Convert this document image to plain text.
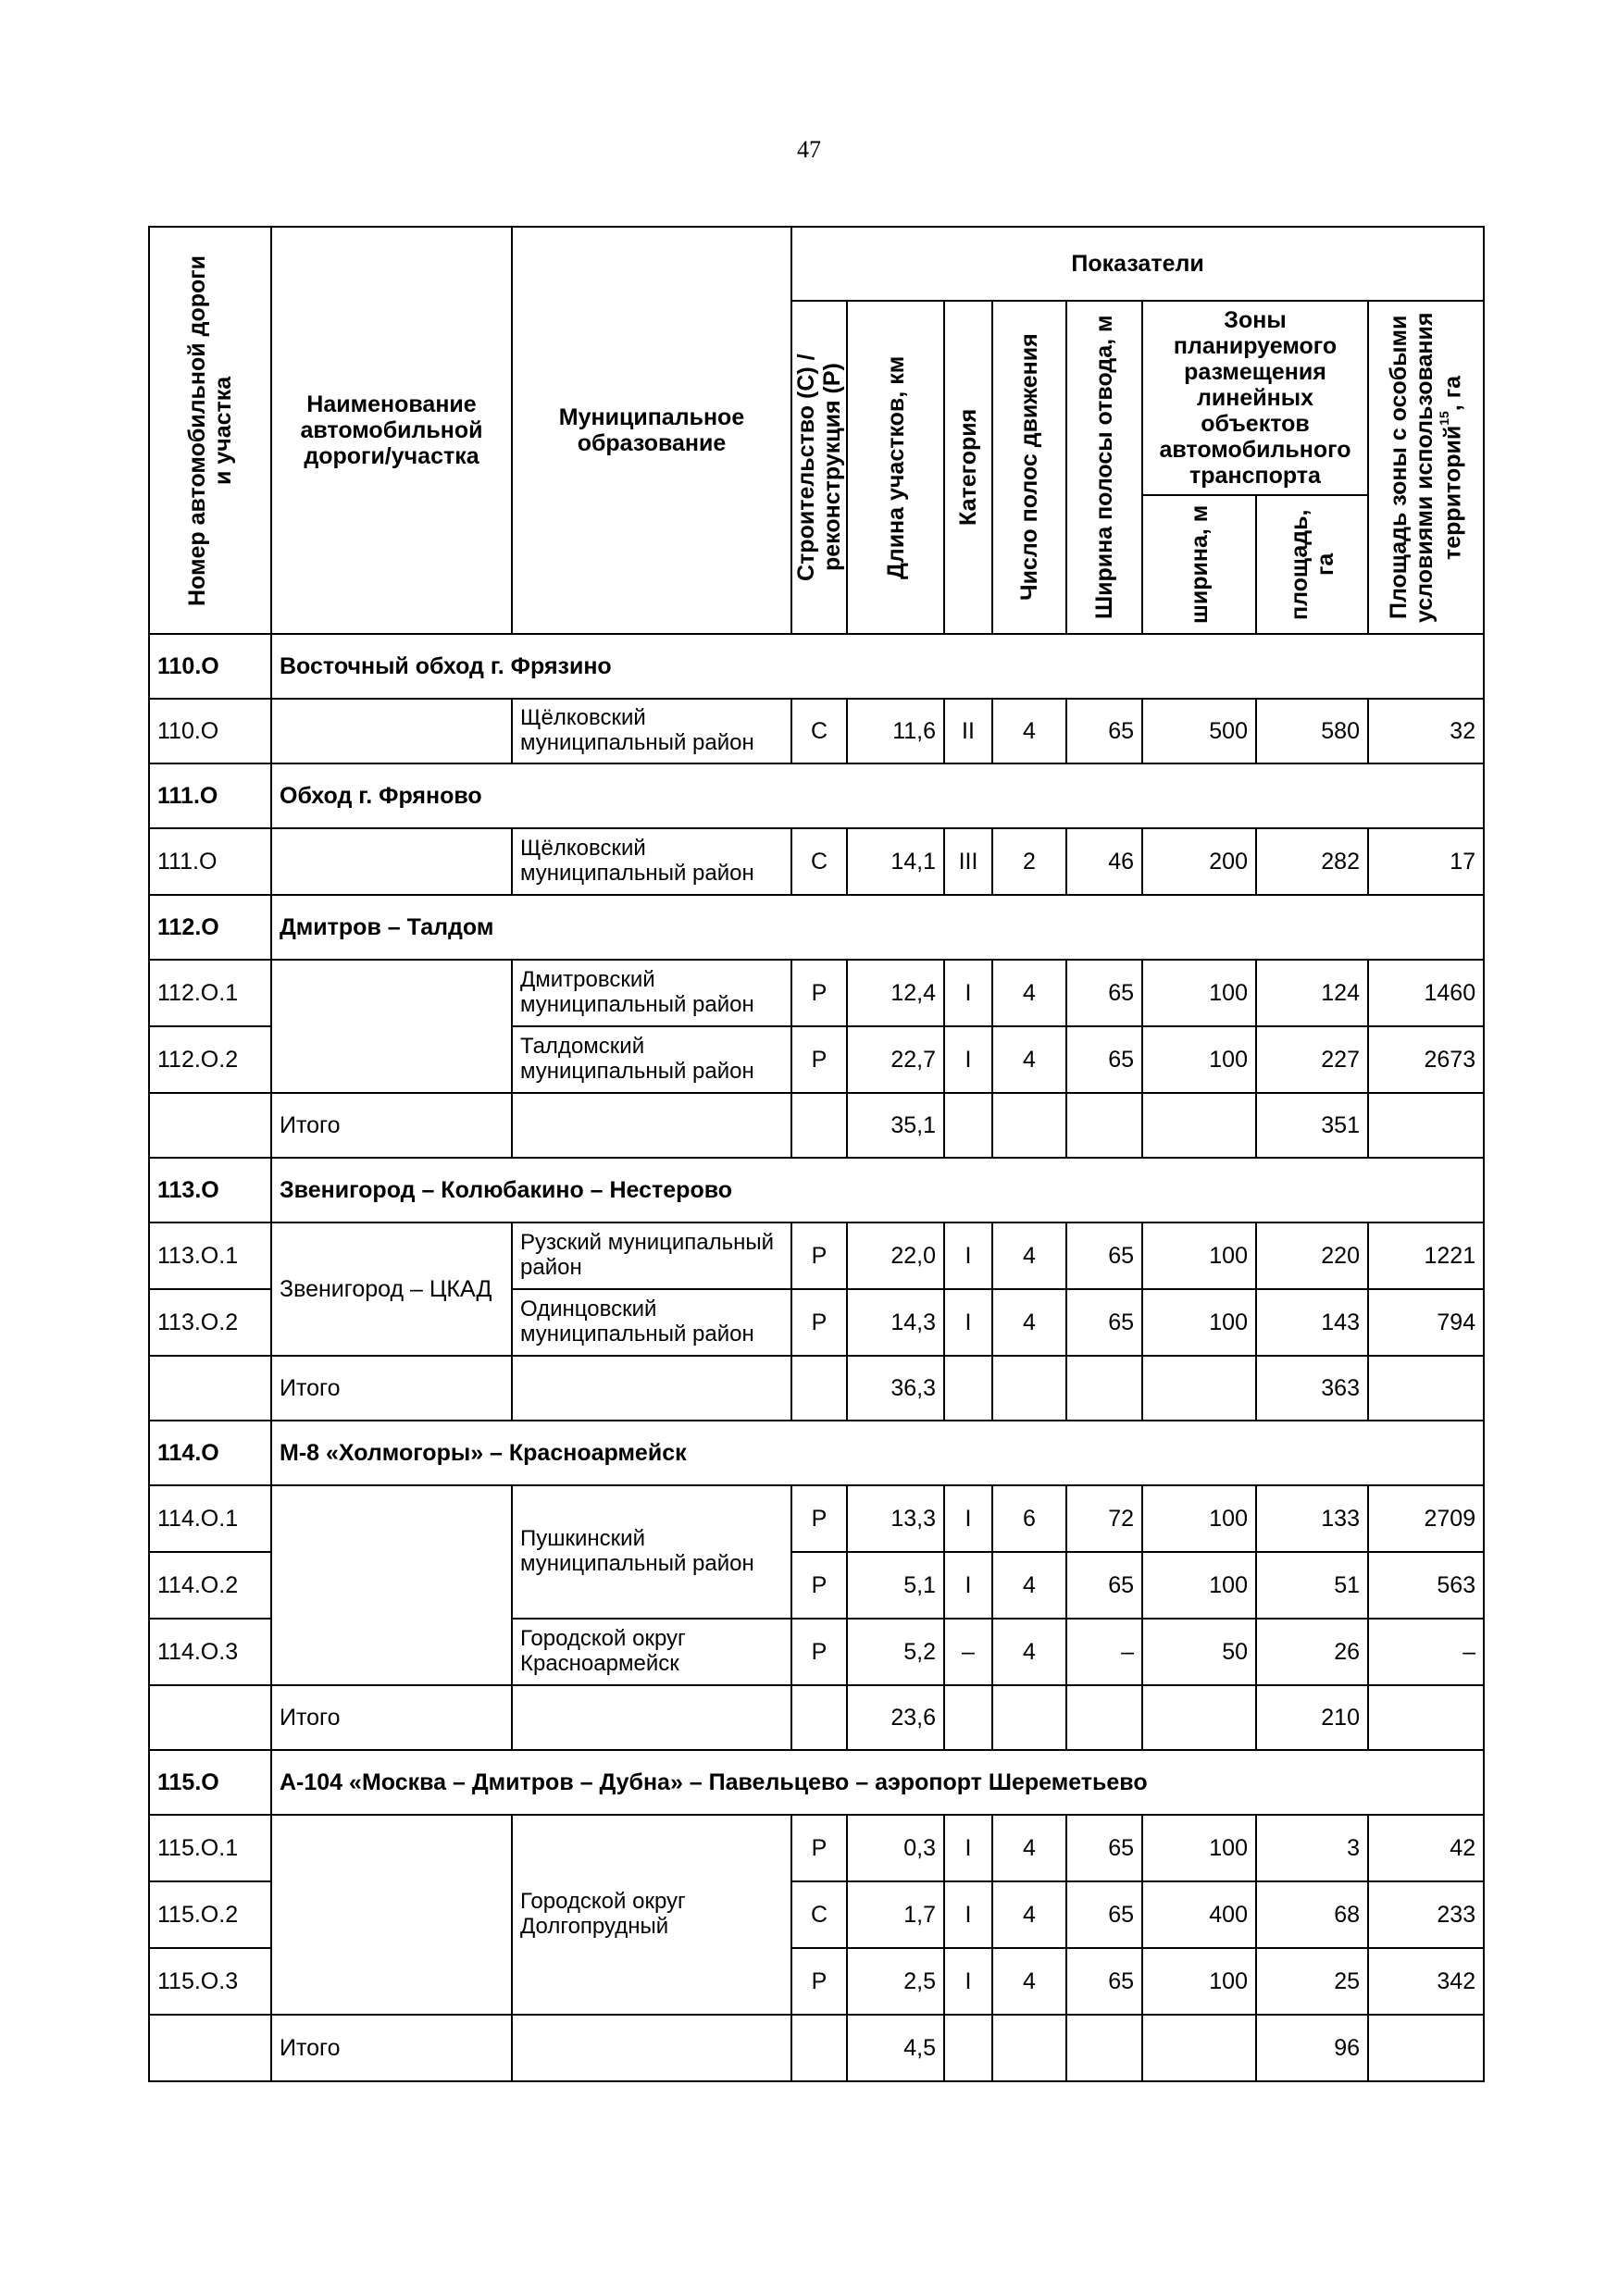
47
Номер автомобильной дороги и участка	Наименование автомобильной дороги/участка	Муниципальное образование	Показатели							

			Строительство (С) / реконструкция (Р)	Длина участков, км	Категория	Число полос движения	Ширина полосы отвода, м	Зоны планируемого размещения линейных объектов автомобильного транспорта		Площадь зоны с особыми условиями использования территорий$^{15}$, га

								ширина, м	площадь, га	

110.О	Восточный обход г. Фрязино									
110.О		Щёлковский муниципальный район	С	11,6	II	4	65	500	580	32
111.О	Обход г. Фряново									
111.О		Щёлковский муниципальный район	С	14,1	III	2	46	200	282	17
112.О	Дмитров – Талдом									
112.О.1		Дмитровский муниципальный район	Р	12,4	I	4	65	100	124	1460
112.О.2		Талдомский муниципальный район	Р	22,7	I	4	65	100	227	2673
	Итого			35,1					351	
113.О	Звенигород – Колюбакино – Нестерово									
113.О.1	Звенигород – ЦКАД	Рузский муниципальный район	Р	22,0	I	4	65	100	220	1221
113.О.2		Одинцовский муниципальный район	Р	14,3	I	4	65	100	143	794
	Итого			36,3					363	
114.О	М-8 «Холмогоры» – Красноармейск									
114.О.1		Пушкинский муниципальный район	Р	13,3	I	6	72	100	133	2709
114.О.2			Р	5,1	I	4	65	100	51	563
114.О.3		Городской округ Красноармейск	Р	5,2	–	4	–	50	26	–
	Итого			23,6					210	
115.О	А-104 «Москва – Дмитров – Дубна» – Павельцево – аэропорт Шереметьево									
115.О.1		Городской округ Долгопрудный	Р	0,3	I	4	65	100	3	42
115.О.2			С	1,7	I	4	65	400	68	233
115.О.3			Р	2,5	I	4	65	100	25	342
	Итого			4,5					96	
